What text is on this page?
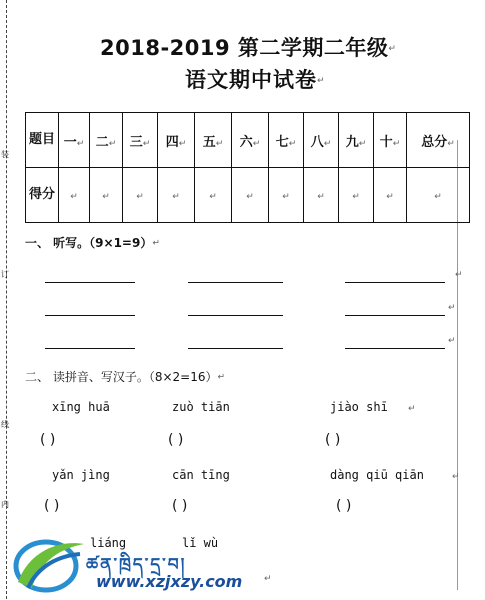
装
订
线
内
2018-2019 第二学期二年级↵
语文期中试卷↵
题目	一↵	二↵	三↵	四↵	五↵	六↵	七↵	八↵	九↵	十↵	总分↵
得分	↵	↵	↵	↵	↵	↵	↵	↵	↵	↵	↵
一、 听写。（9×1=9）↵
↵
↵
↵
二、 读拼音、写汉子。（8×2=16）↵
xīng huā	zuò tiān	jiào shī ↵
( )	( )	( )
yǎn jìng	cān tīng	dàng qiū qiān	↵
( )	( )	( )
liáng	lǐ wù
↵
ཚན་ཁྲིད་དྲ་བ།
www.xzjxzy.com
